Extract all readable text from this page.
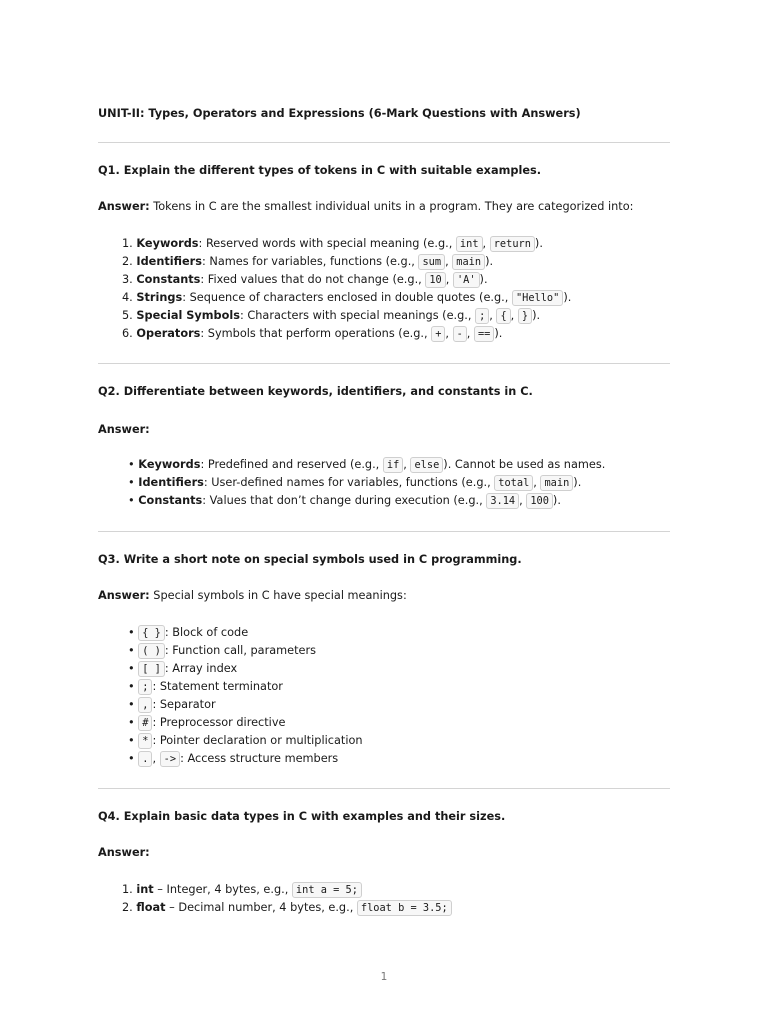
UNIT-II: Types, Operators and Expressions (6-Mark Questions with Answers)
Q1. Explain the different types of tokens in C with suitable examples.
Answer: Tokens in C are the smallest individual units in a program. They are categorized into:
1. Keywords: Reserved words with special meaning (e.g., int , return ).
2. Identifiers: Names for variables, functions (e.g., sum , main ).
3. Constants: Fixed values that do not change (e.g., 10 , 'A' ).
4. Strings: Sequence of characters enclosed in double quotes (e.g., "Hello" ).
5. Special Symbols: Characters with special meanings (e.g., ; , { , } ).
6. Operators: Symbols that perform operations (e.g., + , - , == ).
Q2. Differentiate between keywords, identifiers, and constants in C.
Answer:
• Keywords: Predefined and reserved (e.g., if , else ). Cannot be used as names.
• Identifiers: User-defined names for variables, functions (e.g., total , main ).
• Constants: Values that don’t change during execution (e.g., 3.14 , 100 ).
Q3. Write a short note on special symbols used in C programming.
Answer: Special symbols in C have special meanings:
• { } : Block of code
• ( ) : Function call, parameters
• [ ] : Array index
• ; : Statement terminator
• , : Separator
• # : Preprocessor directive
• * : Pointer declaration or multiplication
• . , -> : Access structure members
Q4. Explain basic data types in C with examples and their sizes.
Answer:
1. int – Integer, 4 bytes, e.g., int a = 5;
2. float – Decimal number, 4 bytes, e.g., float b = 3.5;
1
